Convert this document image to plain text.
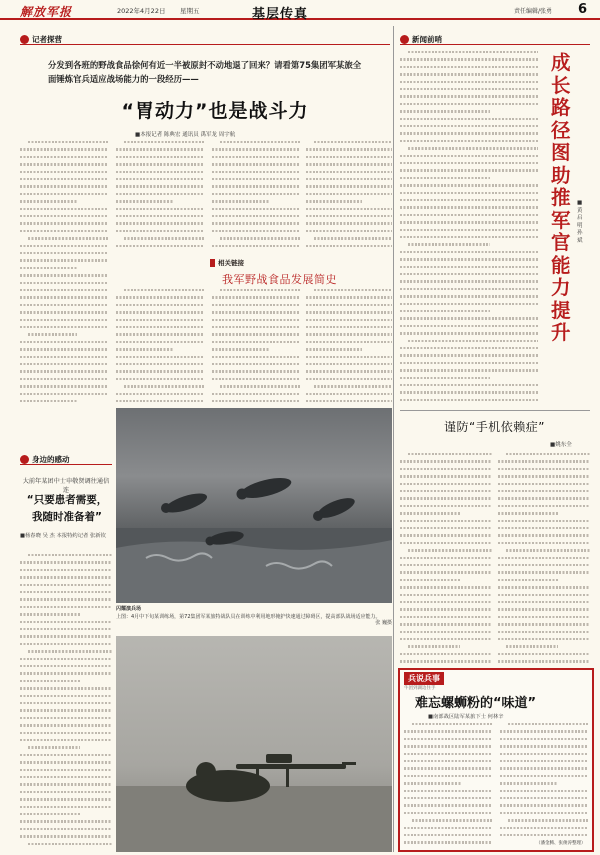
解放军报	2022年4月22日 星期五	基层传真	责任编辑/张勇 6
记者探营
分发到各班的野战食品徐何有近一半被原封不动地退了回来？请看第75集团军某旅全面锤炼官兵适应战场能力的一段经历——
“胃动力”也是战斗力
■本报记者 陈典宏 通讯员 禹军龙 周宇航
相关链接
我军野战食品发展简史
闪耀演兵场
上图：4月中下旬某训练场，第72集团军某旅特战队员在训练中利用地形掩护快速通过障碍区，提高部队战场适应能力。
张 巍摄
身边的感动
大前年某团中士申敬贤调往通信连
“只要患者需要，我随时准备着”
■杨春晓 吴 杰 本报特约记者 张新钦
新闻前哨
成长路径图助推军官能力提升
■黄启明 孙 斌
谨防“手机依赖症”
■姚东全
兵说兵事
牛团到湖边住手
难忘螺蛳粉的“味道”
■南部战区陆军某旅下士 何林辛
（潘金腾、张俊涛整理）
